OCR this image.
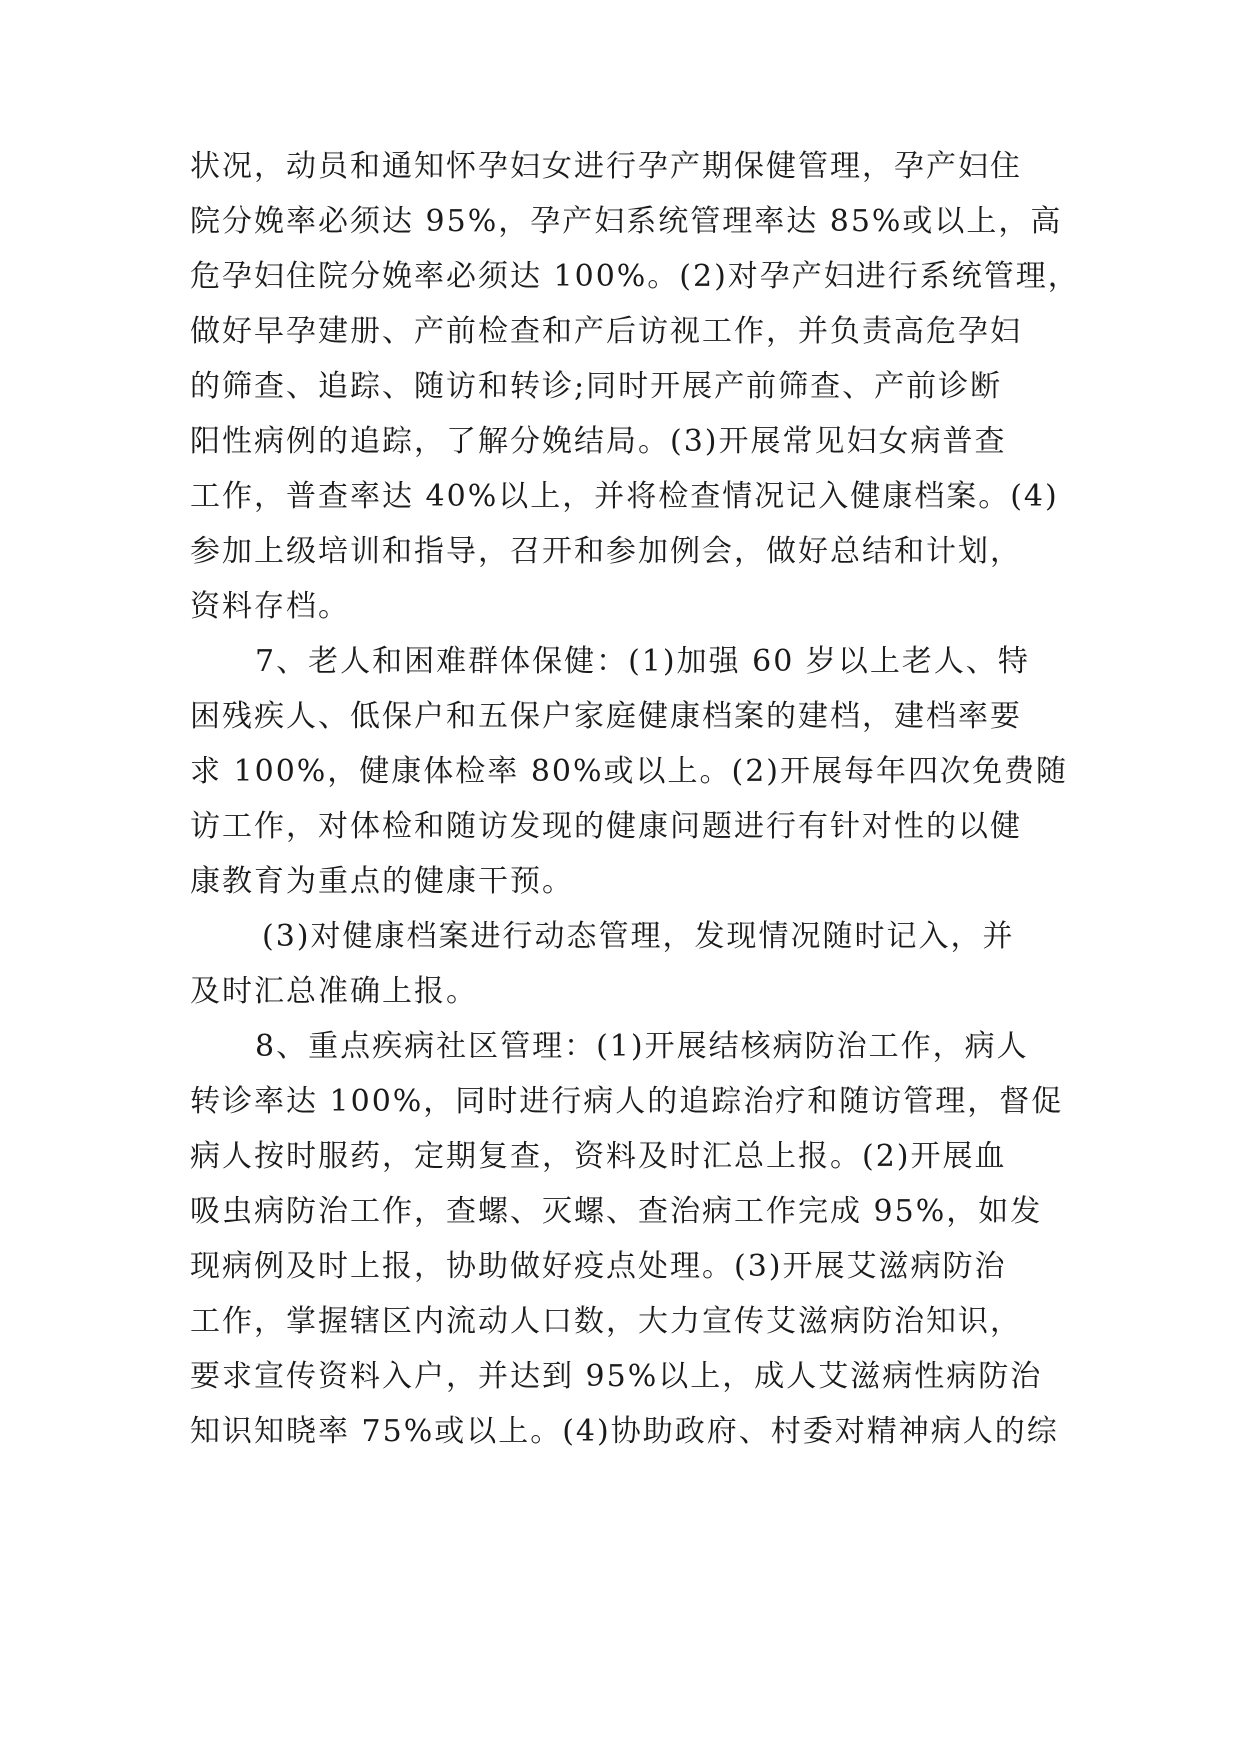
状况，动员和通知怀孕妇女进行孕产期保健管理，孕产妇住
院分娩率必须达 95%，孕产妇系统管理率达 85%或以上，高
危孕妇住院分娩率必须达 100%。(2)对孕产妇进行系统管理，
做好早孕建册、产前检查和产后访视工作，并负责高危孕妇
的筛查、追踪、随访和转诊;同时开展产前筛查、产前诊断
阳性病例的追踪，了解分娩结局。(3)开展常见妇女病普查
工作，普查率达 40%以上，并将检查情况记入健康档案。(4)
参加上级培训和指导，召开和参加例会，做好总结和计划，
资料存档。
7、老人和困难群体保健：(1)加强 60 岁以上老人、特
困残疾人、低保户和五保户家庭健康档案的建档，建档率要
求 100%，健康体检率 80%或以上。(2)开展每年四次免费随
访工作，对体检和随访发现的健康问题进行有针对性的以健
康教育为重点的健康干预。
(3)对健康档案进行动态管理，发现情况随时记入，并
及时汇总准确上报。
8、重点疾病社区管理：(1)开展结核病防治工作，病人
转诊率达 100%，同时进行病人的追踪治疗和随访管理，督促
病人按时服药，定期复查，资料及时汇总上报。(2)开展血
吸虫病防治工作，查螺、灭螺、查治病工作完成 95%，如发
现病例及时上报，协助做好疫点处理。(3)开展艾滋病防治
工作，掌握辖区内流动人口数，大力宣传艾滋病防治知识，
要求宣传资料入户，并达到 95%以上，成人艾滋病性病防治
知识知晓率 75%或以上。(4)协助政府、村委对精神病人的综
